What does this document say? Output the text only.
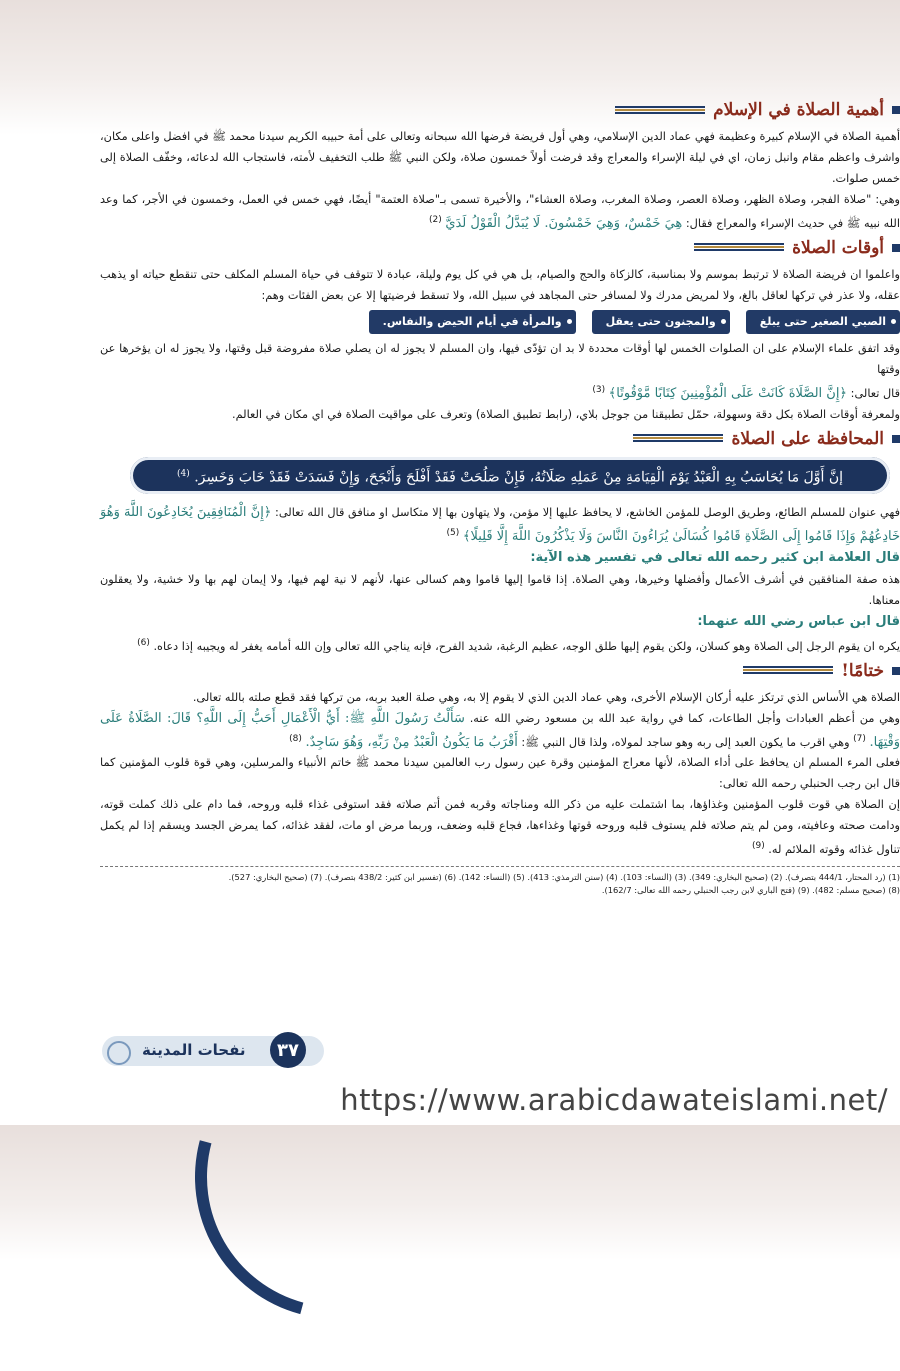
أهمية الصلاة في الإسلام

أهمية الصلاة في الإسلام كبيرة وعظيمة فهي عماد الدين الإسلامي، وهي أول فريضة فرضها الله سبحانه وتعالى على أمة حبيبه الكريم سيدنا محمد ﷺ في افضل واعلى مكان، واشرف واعظم مقام وانبل زمان، اي في ليلة الإسراء والمعراج وقد فرضت أولاً خمسون صلاة، ولكن النبي ﷺ طلب التخفيف لأمته، فاستجاب الله لدعائه، وخفّف الصلاة إلى خمس صلوات.

وهي: "صلاة الفجر، وصلاة الظهر، وصلاة العصر، وصلاة المغرب، وصلاة العشاء"، والأخيرة تسمى بـ"صلاة العتمة" أيضًا، فهي خمس في العمل، وخمسون في الأجر، كما وعد الله نبيه ﷺ في حديث الإسراء والمعراج فقال: هِيَ خَمْسٌ، وَهِيَ خَمْسُونَ. لَا يُبَدَّلُ الْقَوْلُ لَدَيَّ $^{(2)}$

أوقات الصلاة

واعلموا ان فريضة الصلاة لا ترتبط بموسم ولا بمناسبة، كالزكاة والحج والصيام، بل هي في كل يوم وليلة، عبادة لا تتوقف في حياة المسلم المكلف حتى تنقطع حياته او يذهب عقله، ولا عذر في تركها لعاقل بالغ، ولا لمريض مدرك ولا لمسافر حتى المجاهد في سبيل الله، ولا تسقط فرضيتها إلا عن بعض الفئات وهم:

الصبي الصغير حتى يبلغ
والمجنون حتى يعقل
والمرأة في أيام الحيض والنفاس.

وقد اتفق علماء الإسلام على ان الصلوات الخمس لها أوقات محددة لا بد ان تؤدّى فيها، وان المسلم لا يجوز له ان يصلي صلاة مفروضة قبل وقتها، ولا يجوز له ان يؤخرها عن وقتها

قال تعالى: ﴿إِنَّ الصَّلَاةَ كَانَتْ عَلَى الْمُؤْمِنِينَ كِتَابًا مَّوْقُوتًا﴾ $^{(3)}$

ولمعرفة أوقات الصلاة بكل دقة وسهولة، حمّل تطبيقنا من جوجل بلاي، (رابط تطبيق الصلاة) وتعرف على مواقيت الصلاة في اي مكان في العالم.

المحافظة على الصلاة
إنَّ أَوَّلَ مَا يُحَاسَبُ بِهِ الْعَبْدُ يَوْمَ الْقِيَامَةِ مِنْ عَمَلِهِ صَلَاتُهُ، فَإِنْ صَلُحَتْ فَقَدْ أَفْلَحَ وَأَنْجَحَ، وَإِنْ فَسَدَتْ فَقَدْ خَابَ وَخَسِرَ. $^{(4)}$

فهي عنوان للمسلم الطائع، وطريق الوصل للمؤمن الخاشع، لا يحافظ عليها إلا مؤمن، ولا يتهاون بها إلا متكاسل او منافق قال الله تعالى: ﴿إِنَّ الْمُنَافِقِينَ يُخَادِعُونَ اللَّهَ وَهُوَ خَادِعُهُمْ وَإِذَا قَامُوا إِلَى الصَّلَاةِ قَامُوا كُسَالَىٰ يُرَاءُونَ النَّاسَ وَلَا يَذْكُرُونَ اللَّهَ إِلَّا قَلِيلًا﴾ $^{(5)}$

قال العلامة ابن كثير رحمه الله تعالى في تفسير هذه الآية:

هذه صفة المنافقين في أشرف الأعمال وأفضلها وخيرها، وهي الصلاة. إذا قاموا إليها قاموا وهم كسالى عنها، لأنهم لا نية لهم فيها، ولا إيمان لهم بها ولا خشية، ولا يعقلون معناها.

قال ابن عباس رضي الله عنهما:

يكره ان يقوم الرجل إلى الصلاة وهو كسلان، ولكن يقوم إليها طلق الوجه، عظيم الرغبة، شديد الفرح، فإنه يناجي الله تعالى وإن الله أمامه يغفر له ويجيبه إذا دعاه. $^{(6)}$

ختامًا!

الصلاة هي الأساس الذي ترتكز عليه أركان الإسلام الأخرى، وهي عماد الدين الذي لا يقوم إلا به، وهي صلة العبد بربه، من تركها فقد قطع صلته بالله تعالى.

وهي من أعظم العبادات وأجل الطاعات، كما في رواية عبد الله بن مسعود رضي الله عنه. سَأَلْتُ رَسُولَ اللَّهِ ﷺ: أَيُّ الْأَعْمَالِ أَحَبُّ إِلَى اللَّهِ؟ قَالَ: الصَّلَاةُ عَلَى وَقْتِهَا. $^{(7)}$ وهي اقرب ما يكون العبد إلى ربه وهو ساجد لمولاه، ولذا قال النبي ﷺ: أَقْرَبُ مَا يَكُونُ الْعَبْدُ مِنْ رَبِّهِ، وَهُوَ سَاجِدٌ. $^{(8)}$

فعلى المرء المسلم ان يحافظ على أداء الصلاة، لأنها معراج المؤمنين وقرة عين رسول رب العالمين سيدنا محمد ﷺ خاتم الأنبياء والمرسلين، وهي قوة قلوب المؤمنين كما قال ابن رجب الحنبلي رحمه الله تعالى:

إن الصلاة هي قوت قلوب المؤمنين وغذاؤها، بما اشتملت عليه من ذكر الله ومناجاته وقربه فمن أتم صلاته فقد استوفى غذاء قلبه وروحه، فما دام على ذلك كملت قوته، ودامت صحته وعافيته، ومن لم يتم صلاته فلم يستوف قلبه وروحه قوتها وغذاءها، فجاع قلبه وضعف، وربما مرض او مات، لفقد غذائه، كما يمرض الجسد ويسقم إذا لم يكمل تناول غذائه وقوته الملائم له. $^{(9)}$

(1) (رد المحتار، 444/1 بتصرف). (2) (صحيح البخاري: 349). (3) (النساء: 103). (4) (سنن الترمذي: 413). (5) (النساء: 142). (6) (تفسير ابن كثير: 438/2 بتصرف). (7) (صحيح البخاري: 527).

(8) (صحيح مسلم: 482). (9) (فتح الباري لابن رجب الحنبلي رحمه الله تعالى: 162/7).

نفحات المدينة	٣٧
https://www.arabicdawateislami.net/
